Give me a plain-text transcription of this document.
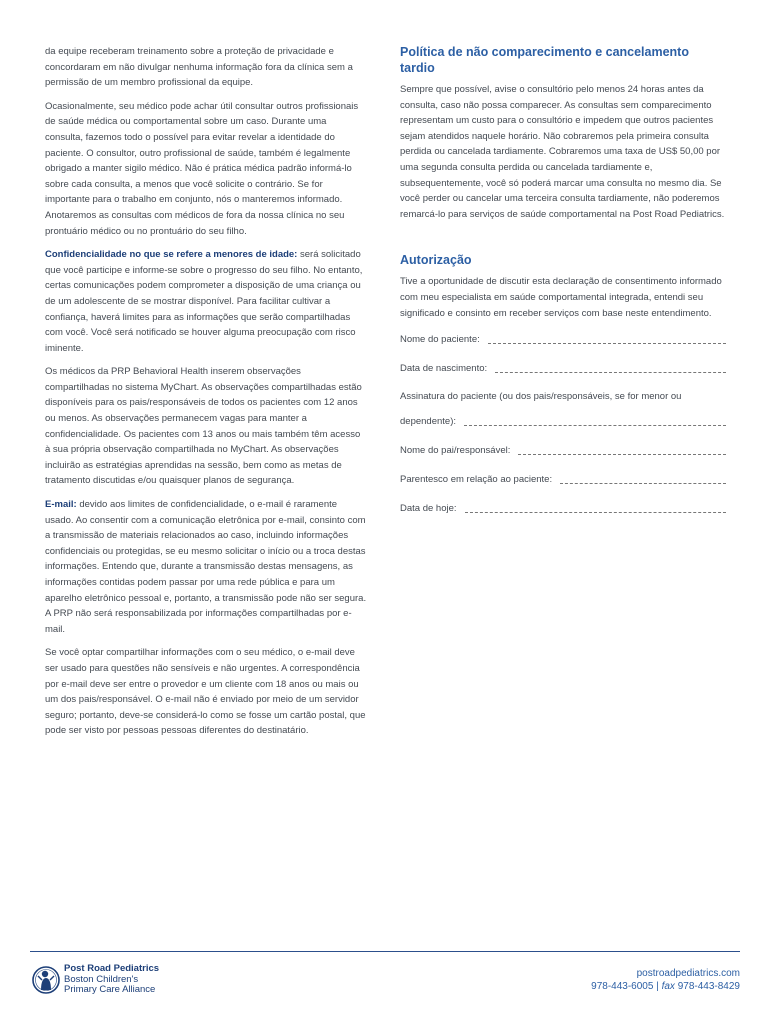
da equipe receberam treinamento sobre a proteção de privacidade e concordaram em não divulgar nenhuma informação fora da clínica sem a permissão de um membro profissional da equipe.

Ocasionalmente, seu médico pode achar útil consultar outros profissionais de saúde médica ou comportamental sobre um caso. Durante uma consulta, fazemos todo o possível para evitar revelar a identidade do paciente. O consultor, outro profissional de saúde, também é legalmente obrigado a manter sigilo médico. Não é prática médica padrão informá-lo sobre cada consulta, a menos que você solicite o contrário. Se for importante para o trabalho em conjunto, nós o manteremos informado. Anotaremos as consultas com médicos de fora da nossa clínica no seu prontuário médico ou no prontuário do seu filho.

Confidencialidade no que se refere a menores de idade: será solicitado que você participe e informe-se sobre o progresso do seu filho. No entanto, certas comunicações podem comprometer a disposição de uma criança ou de um adolescente de se mostrar disponível. Para facilitar cultivar a confiança, haverá limites para as informações que serão compartilhadas com você. Você será notificado se houver alguma preocupação com risco iminente.

Os médicos da PRP Behavioral Health inserem observações compartilhadas no sistema MyChart. As observações compartilhadas estão disponíveis para os pais/responsáveis de todos os pacientes com 12 anos ou menos. As observações permanecem vagas para manter a confidencialidade. Os pacientes com 13 anos ou mais também têm acesso à sua própria observação compartilhada no MyChart. As observações incluirão as estratégias aprendidas na sessão, bem como as metas de tratamento discutidas e/ou quaisquer planos de segurança.

E-mail: devido aos limites de confidencialidade, o e-mail é raramente usado. Ao consentir com a comunicação eletrônica por e-mail, consinto com a transmissão de materiais relacionados ao caso, incluindo informações confidenciais ou protegidas, se eu mesmo solicitar o início ou a troca destas informações. Entendo que, durante a transmissão destas mensagens, as informações contidas podem passar por uma rede pública e para um aparelho eletrônico pessoal e, portanto, a transmissão pode não ser segura. A PRP não será responsabilizada por informações compartilhadas por e-mail.

Se você optar compartilhar informações com o seu médico, o e-mail deve ser usado para questões não sensíveis e não urgentes. A correspondência por e-mail deve ser entre o provedor e um cliente com 18 anos ou mais ou um dos pais/responsável. O e-mail não é enviado por meio de um servidor seguro; portanto, deve-se considerá-lo como se fosse um cartão postal, que pode ser visto por pessoas pessoas diferentes do destinatário.

Política de não comparecimento e cancelamento tardio

Sempre que possível, avise o consultório pelo menos 24 horas antes da consulta, caso não possa comparecer. As consultas sem comparecimento representam um custo para o consultório e impedem que outros pacientes sejam atendidos naquele horário. Não cobraremos pela primeira consulta perdida ou cancelada tardiamente. Cobraremos uma taxa de US$ 50,00 por uma segunda consulta perdida ou cancelada tardiamente e, subsequentemente, você só poderá marcar uma consulta no mesmo dia. Se você perder ou cancelar uma terceira consulta tardiamente, não poderemos remarcá-lo para serviços de saúde comportamental na Post Road Pediatrics.

Autorização

Tive a oportunidade de discutir esta declaração de consentimento informado com meu especialista em saúde comportamental integrada, entendi seu significado e consinto em receber serviços com base neste entendimento.

Nome do paciente:
Data de nascimento:
Assinatura do paciente (ou dos pais/responsáveis, se for menor ou
dependente):
Nome do pai/responsável:
Parentesco em relação ao paciente:
Data de hoje:
Post Road Pediatrics
Boston Children's
Primary Care Alliance
postroadpediatrics.com
978-443-6005 | fax 978-443-8429
